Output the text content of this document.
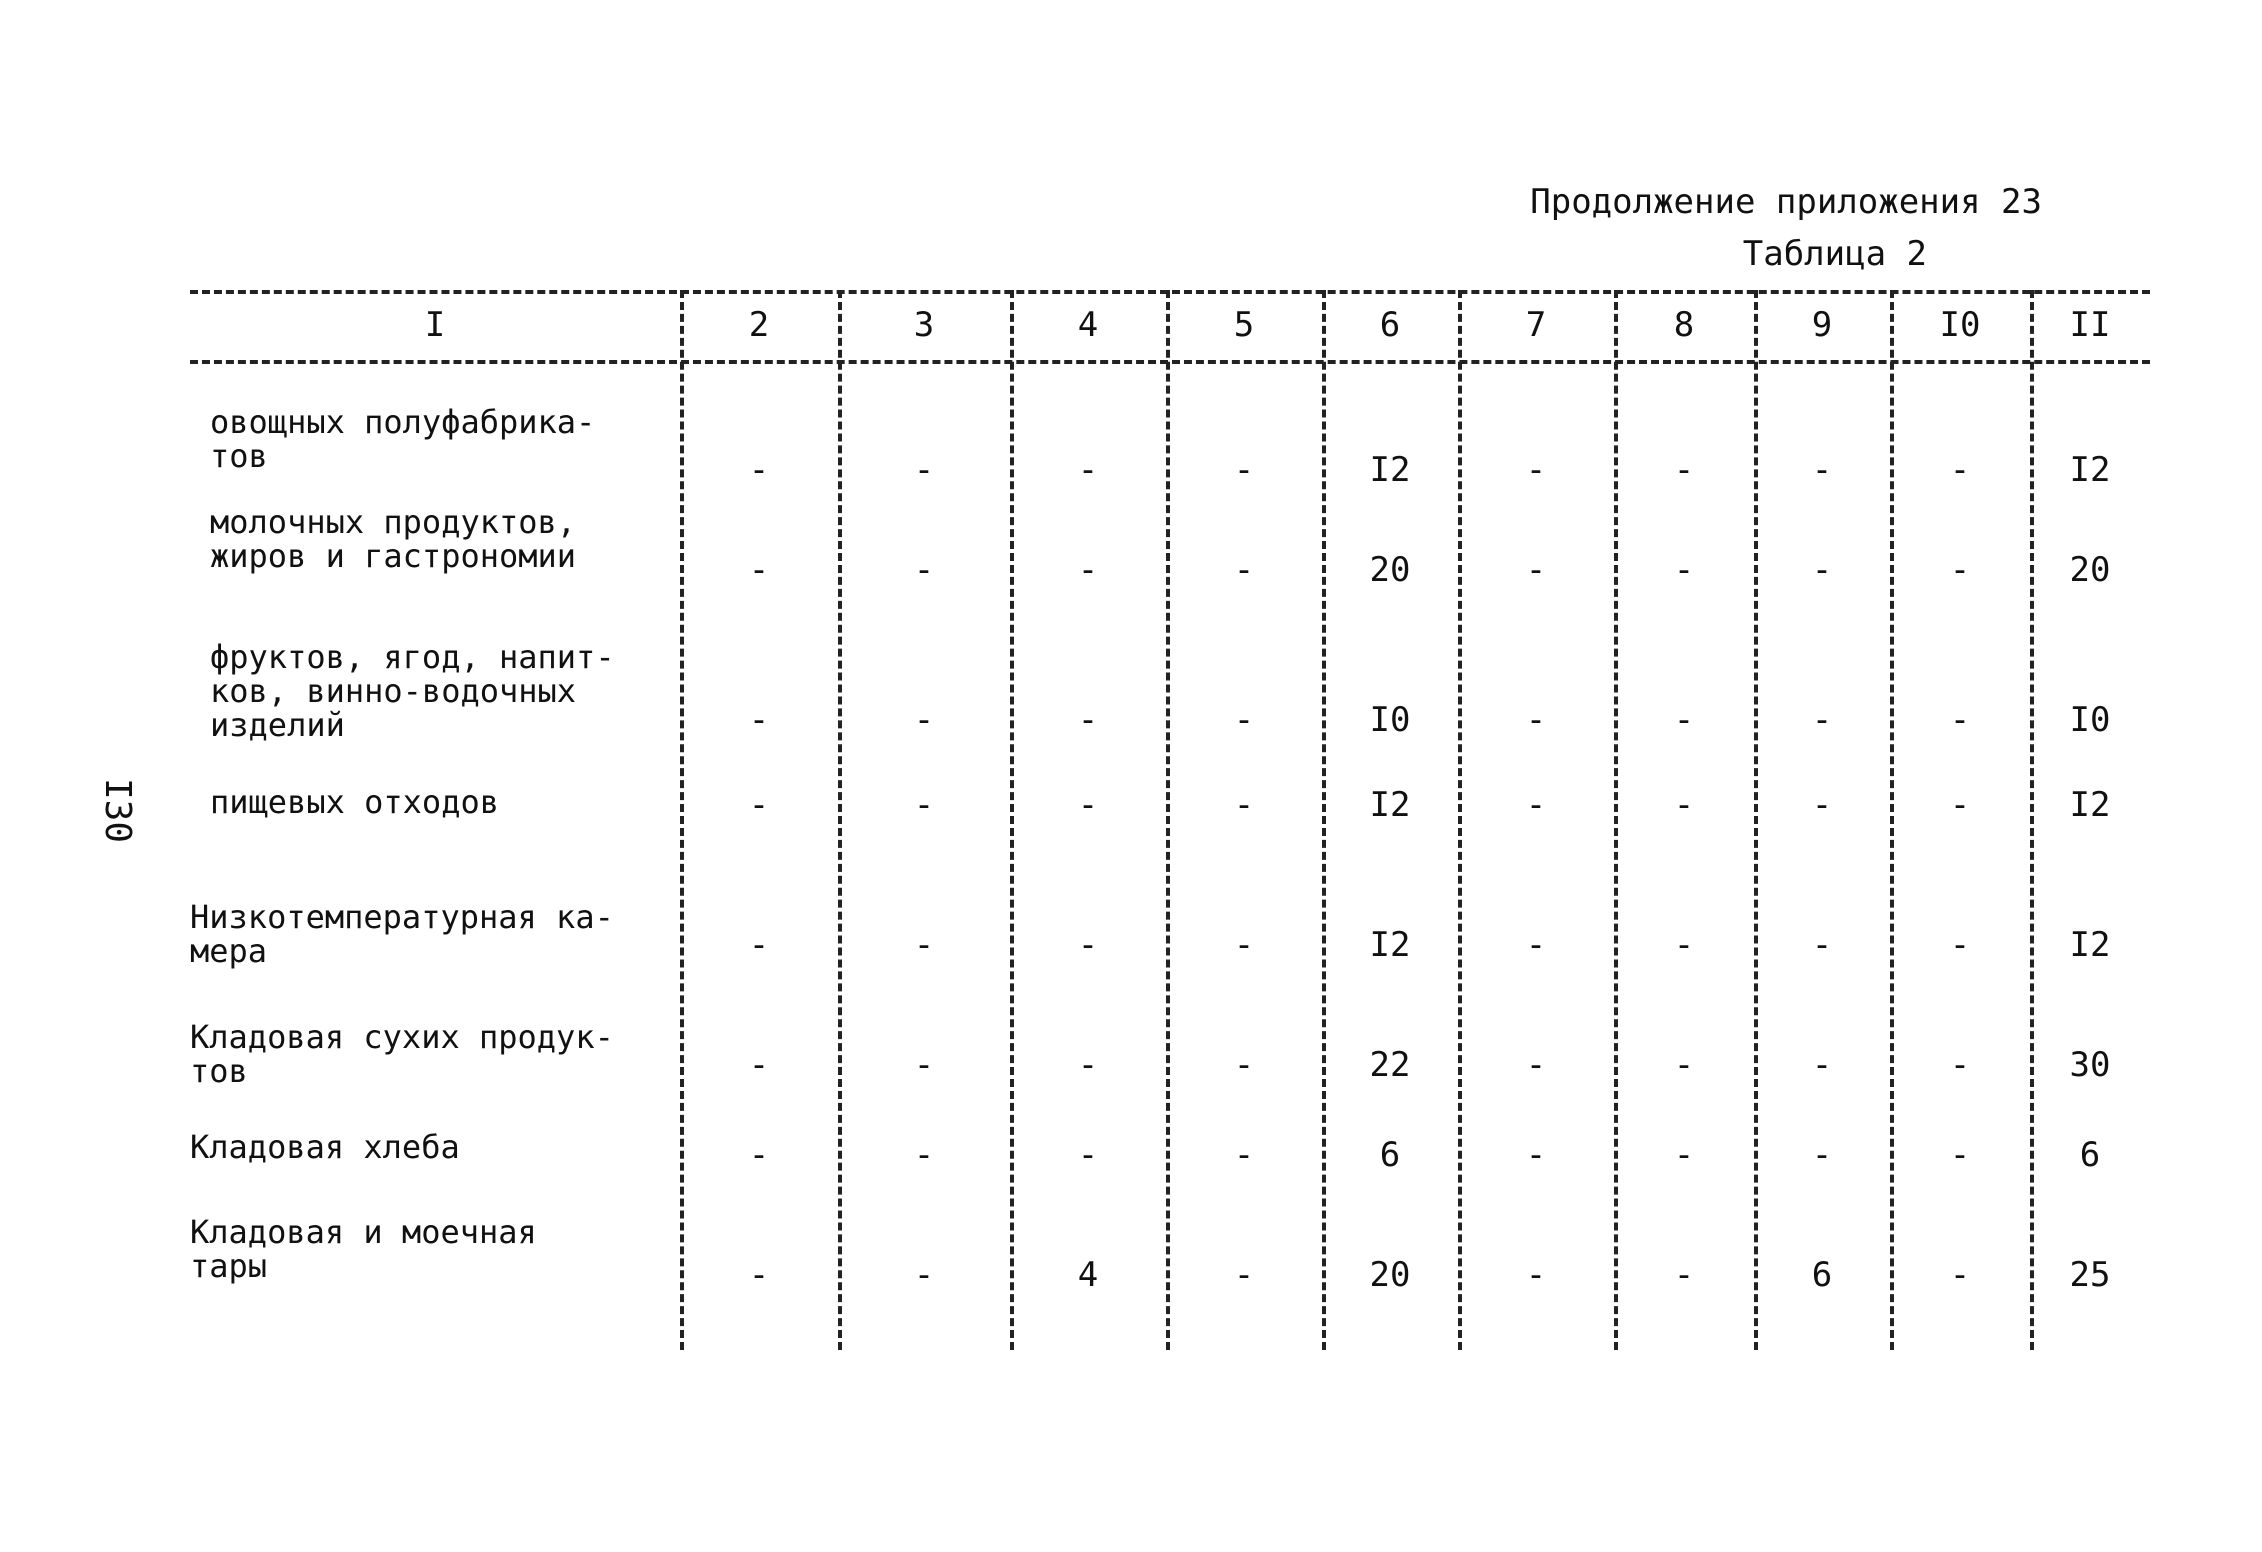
I30
Продолжение приложения 23
Таблица 2
I	2	3	4	5	6	7	8	9	I0	II
овощных полуфабрика-
тов	-	-	-	-	I2	-	-	-	-	I2
молочных продуктов,
жиров и гастрономии	-	-	-	-	20	-	-	-	-	20
фруктов, ягод, напит-
ков, винно-водочных
изделий	-	-	-	-	I0	-	-	-	-	I0
пищевых отходов	-	-	-	-	I2	-	-	-	-	I2
Низкотемпературная ка-
мера	-	-	-	-	I2	-	-	-	-	I2
Кладовая сухих продук-
тов	-	-	-	-	22	-	-	-	-	30
Кладовая хлеба	-	-	-	-	6	-	-	-	-	6
Кладовая и моечная
тары	-	-	4	-	20	-	-	6	-	25
